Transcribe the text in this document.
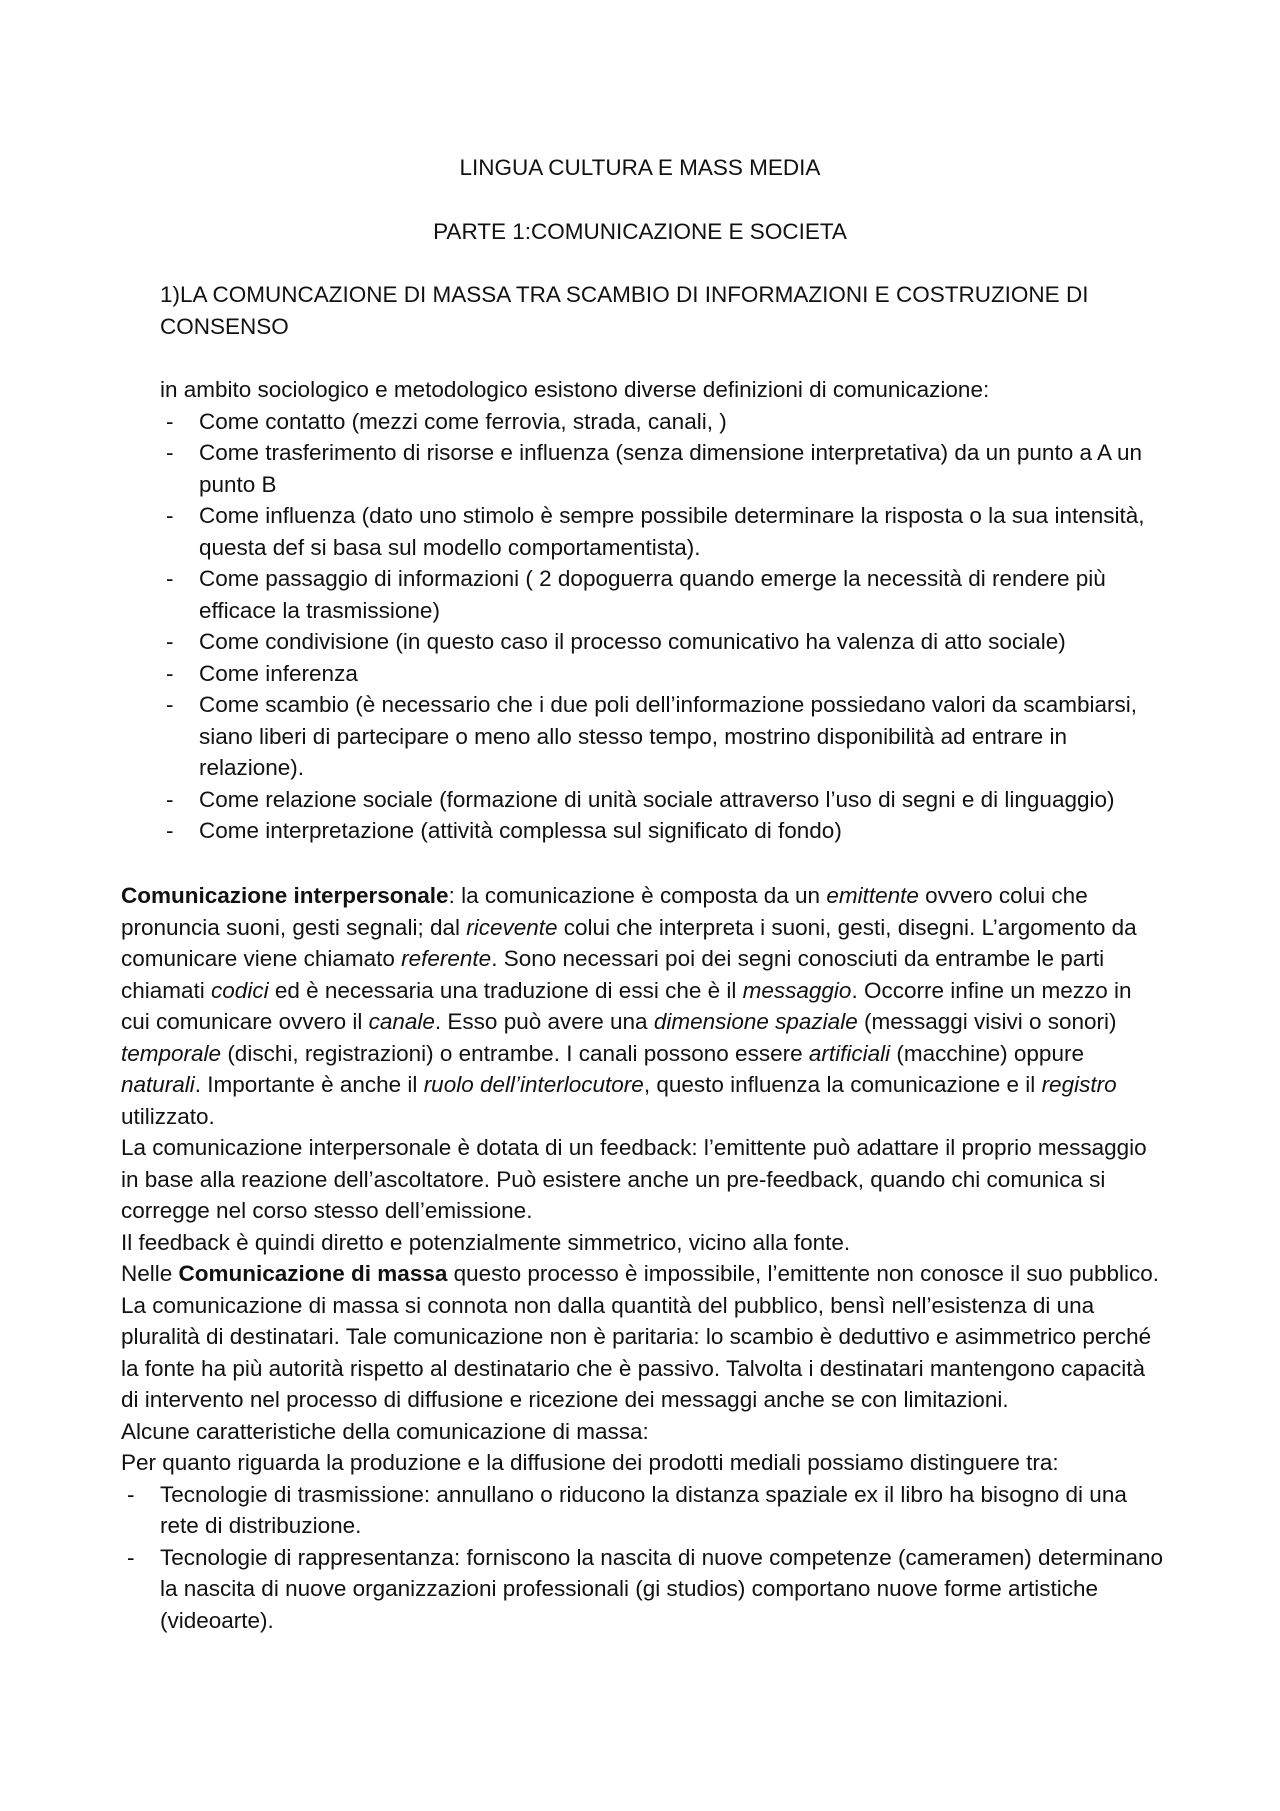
LINGUA CULTURA E MASS MEDIA
PARTE 1:COMUNICAZIONE E SOCIETA
1)LA COMUNCAZIONE DI MASSA TRA SCAMBIO DI INFORMAZIONI E COSTRUZIONE DI CONSENSO
in ambito sociologico e metodologico esistono diverse definizioni di comunicazione:
- Come contatto (mezzi come ferrovia, strada, canali, )
- Come trasferimento di risorse e influenza (senza dimensione interpretativa) da un punto a A un punto B
- Come influenza (dato uno stimolo è sempre possibile determinare la risposta o la sua intensità, questa def si basa sul modello comportamentista).
- Come passaggio di informazioni ( 2 dopoguerra quando emerge la necessità di rendere più efficace la trasmissione)
- Come condivisione (in questo caso il processo comunicativo ha valenza di atto sociale)
- Come inferenza
- Come scambio (è necessario che i due poli dell’informazione possiedano valori da scambiarsi, siano liberi di partecipare o meno allo stesso tempo, mostrino disponibilità ad entrare in relazione).
- Come relazione sociale (formazione di unità sociale attraverso l’uso di segni e di linguaggio)
- Come interpretazione (attività complessa sul significato di fondo)

Comunicazione interpersonale: la comunicazione è composta da un emittente ovvero colui che pronuncia suoni, gesti segnali; dal ricevente colui che interpreta i suoni, gesti, disegni. L’argomento da comunicare viene chiamato referente. Sono necessari poi dei segni conosciuti da entrambe le parti chiamati codici ed è necessaria una traduzione di essi che è il messaggio. Occorre infine un mezzo in cui comunicare ovvero il canale. Esso può avere una dimensione spaziale (messaggi visivi o sonori) temporale (dischi, registrazioni) o entrambe. I canali possono essere artificiali (macchine) oppure naturali. Importante è anche il ruolo dell’interlocutore, questo influenza la comunicazione e il registro utilizzato.

La comunicazione interpersonale è dotata di un feedback: l’emittente può adattare il proprio messaggio in base alla reazione dell’ascoltatore. Può esistere anche un pre-feedback, quando chi comunica si corregge nel corso stesso dell’emissione.

Il feedback è quindi diretto e potenzialmente simmetrico, vicino alla fonte.

Nelle Comunicazione di massa questo processo è impossibile, l’emittente non conosce il suo pubblico. La comunicazione di massa si connota non dalla quantità del pubblico, bensì nell’esistenza di una pluralità di destinatari. Tale comunicazione non è paritaria: lo scambio è deduttivo e asimmetrico perché la fonte ha più autorità rispetto al destinatario che è passivo. Talvolta i destinatari mantengono capacità di intervento nel processo di diffusione e ricezione dei messaggi anche se con limitazioni.

Alcune caratteristiche della comunicazione di massa:

Per quanto riguarda la produzione e la diffusione dei prodotti mediali possiamo distinguere tra:

- Tecnologie di trasmissione: annullano o riducono la distanza spaziale ex il libro ha bisogno di una rete di distribuzione.
- Tecnologie di rappresentanza: forniscono la nascita di nuove competenze (cameramen) determinano la nascita di nuove organizzazioni professionali (gi studios) comportano nuove forme artistiche (videoarte).
